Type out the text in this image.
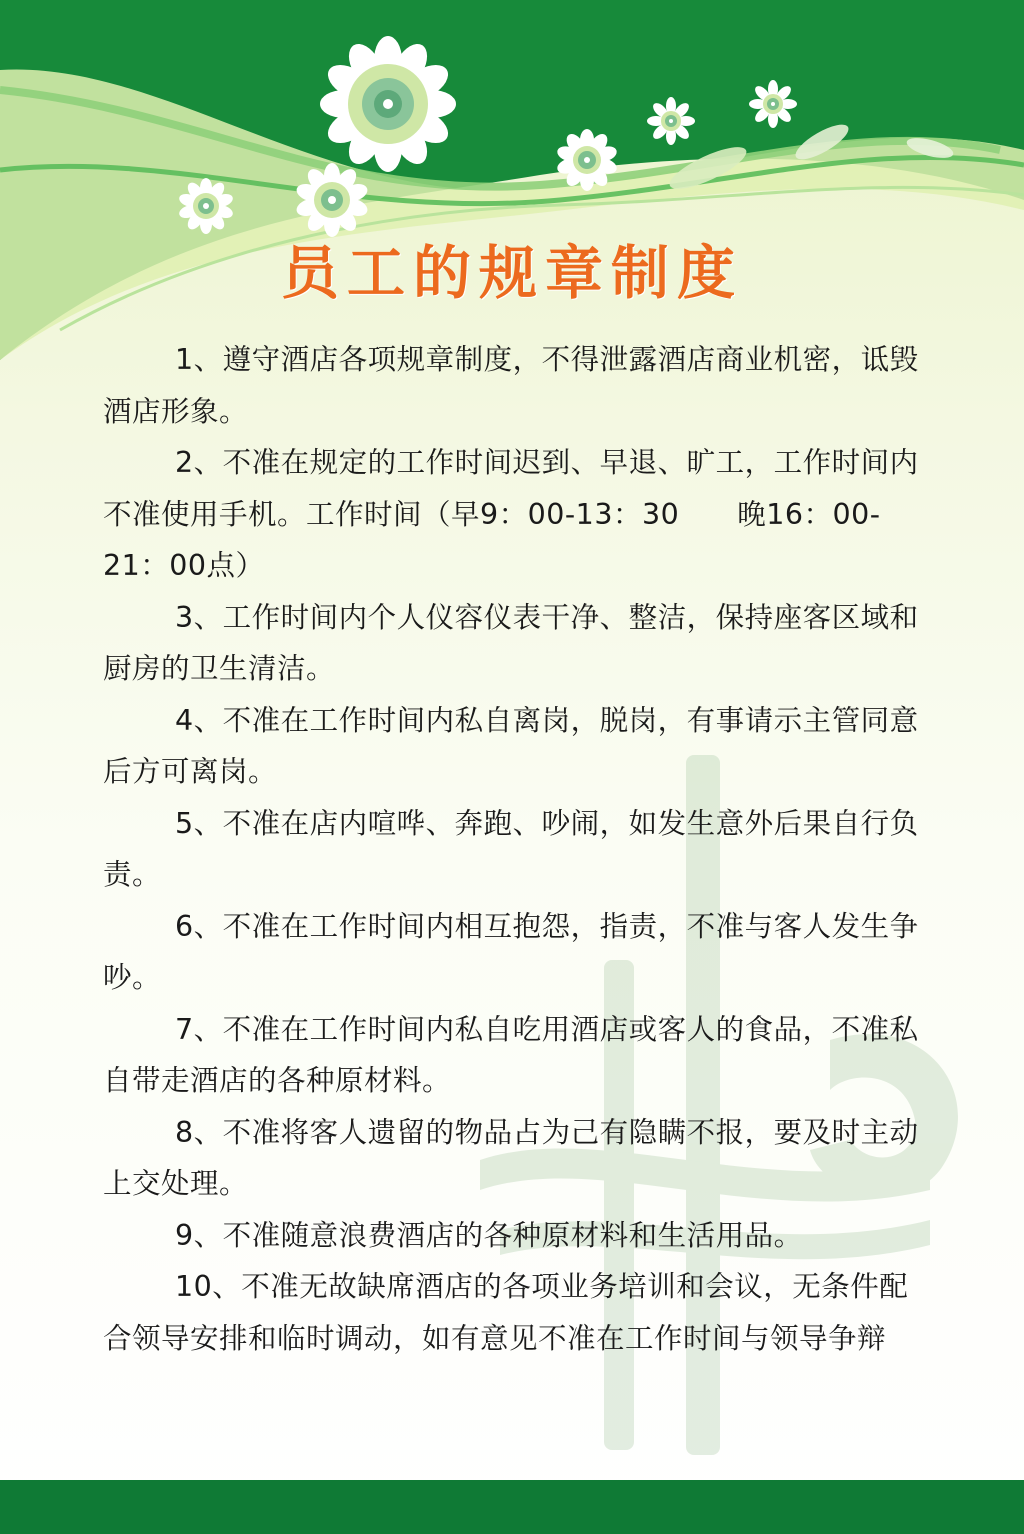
员工的规章制度

1、遵守酒店各项规章制度，不得泄露酒店商业机密，诋毁酒店形象。

2、不准在规定的工作时间迟到、早退、旷工，工作时间内不准使用手机。工作时间（早9：00-13：30　　晚16：00-21：00点）

3、工作时间内个人仪容仪表干净、整洁，保持座客区域和厨房的卫生清洁。

4、不准在工作时间内私自离岗，脱岗，有事请示主管同意后方可离岗。

5、不准在店内喧哗、奔跑、吵闹，如发生意外后果自行负责。

6、不准在工作时间内相互抱怨，指责，不准与客人发生争吵。

7、不准在工作时间内私自吃用酒店或客人的食品，不准私自带走酒店的各种原材料。

8、不准将客人遗留的物品占为己有隐瞒不报，要及时主动上交处理。

9、不准随意浪费酒店的各种原材料和生活用品。

10、不准无故缺席酒店的各项业务培训和会议，无条件配合领导安排和临时调动，如有意见不准在工作时间与领导争辩
